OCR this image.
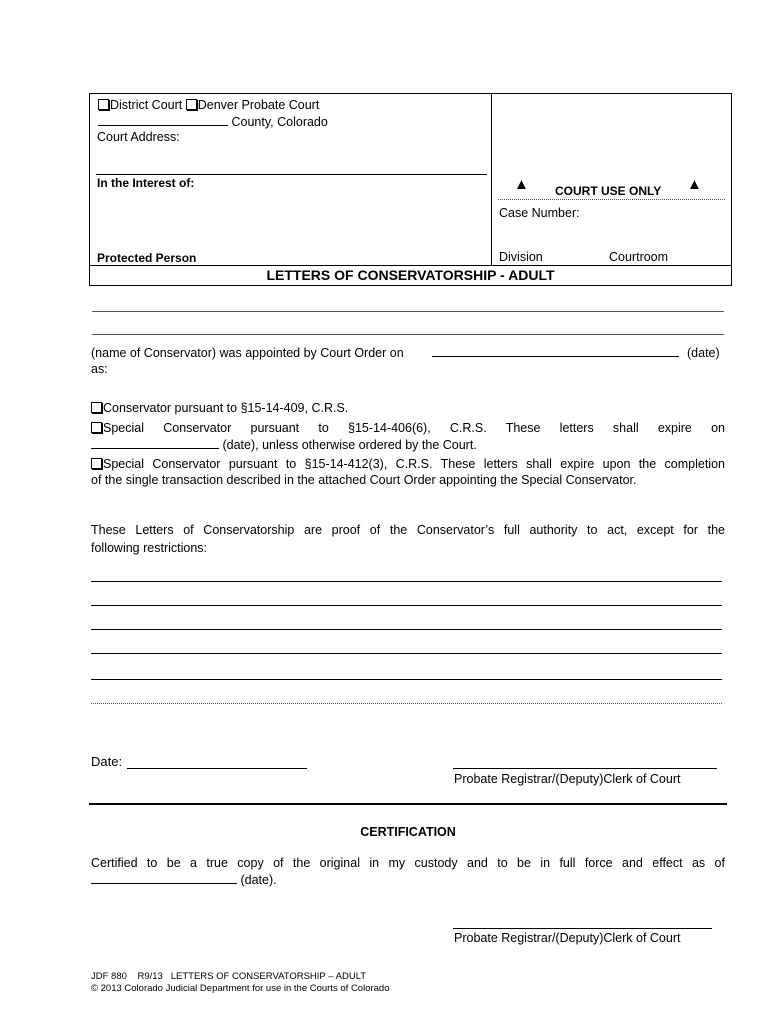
District Court Denver Probate Court
County, Colorado
Court Address:
In the Interest of:
Protected Person
▲ COURT USE ONLY ▲
Case Number:
Division	Courtroom
LETTERS OF CONSERVATORSHIP - ADULT
(name of Conservator) was appointed by Court Order on	(date)
as:
Conservator pursuant to §15-14-409, C.R.S.
Special Conservator pursuant to §15-14-406(6), C.R.S. These letters shall expire on
(date), unless otherwise ordered by the Court.
Special Conservator pursuant to §15-14-412(3), C.R.S. These letters shall expire upon the completion
of the single transaction described in the attached Court Order appointing the Special Conservator.
These Letters of Conservatorship are proof of the Conservator’s full authority to act, except for the
following restrictions:
Date:
Probate Registrar/(Deputy)Clerk of Court
CERTIFICATION
Certified to be a true copy of the original in my custody and to be in full force and effect as of
(date).
Probate Registrar/(Deputy)Clerk of Court
JDF 880 R9/13 LETTERS OF CONSERVATORSHIP – ADULT
© 2013 Colorado Judicial Department for use in the Courts of Colorado
